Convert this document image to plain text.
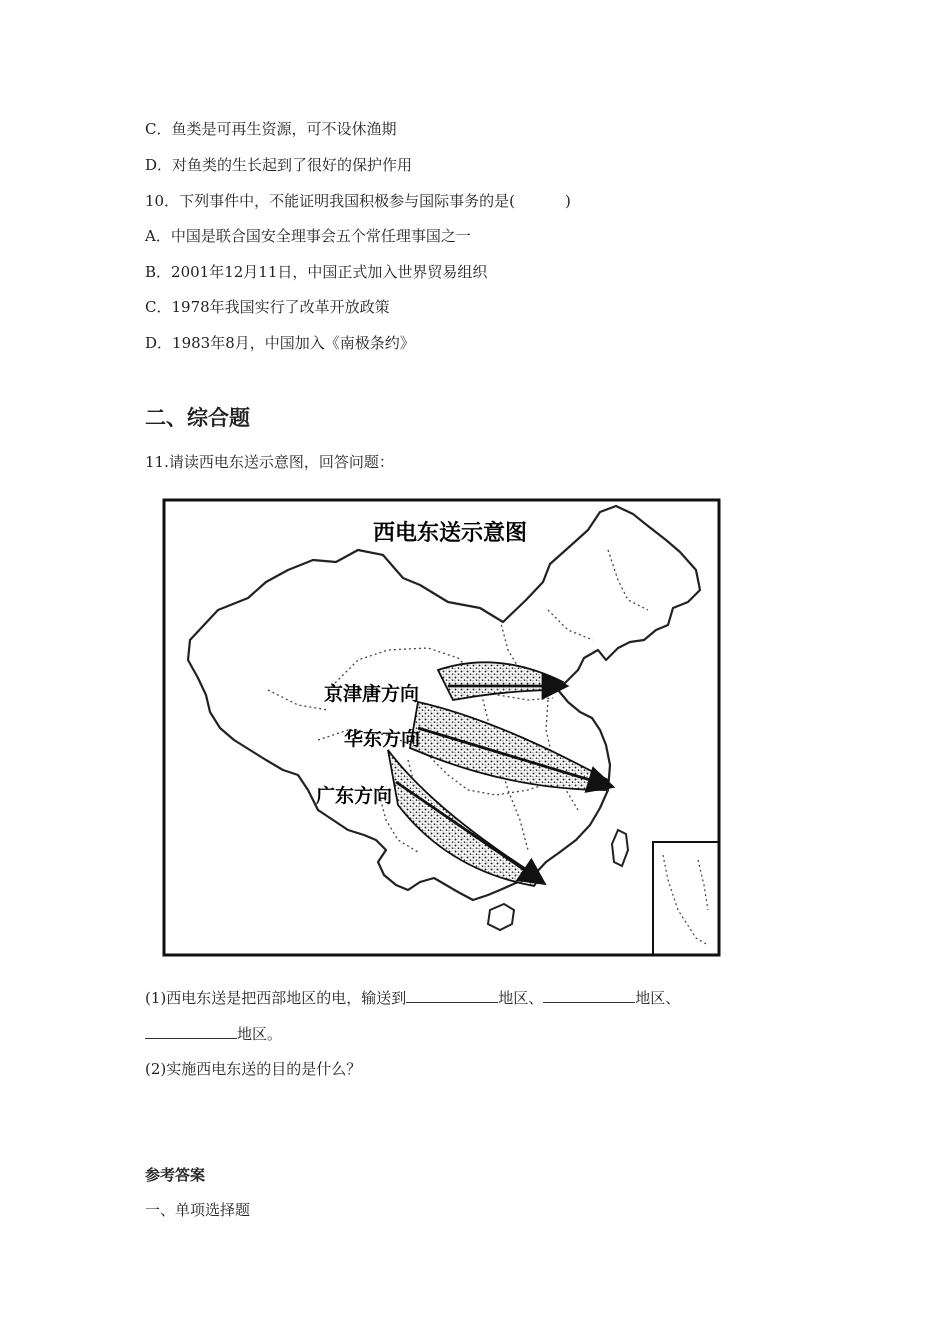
C．鱼类是可再生资源，可不设休渔期
D．对鱼类的生长起到了很好的保护作用
10．下列事件中，不能证明我国积极参与国际事务的是(	)
A．中国是联合国安全理事会五个常任理事国之一
B．2001年12月11日，中国正式加入世界贸易组织
C．1978年我国实行了改革开放政策
D．1983年8月，中国加入《南极条约》
二、综合题
11.请读西电东送示意图，回答问题：
西电东送示意图
京津唐方向
华东方向
广东方向
(1)西电东送是把西部地区的电，输送到	地区、	地区、
地区。
(2)实施西电东送的目的是什么？
参考答案
一、单项选择题
